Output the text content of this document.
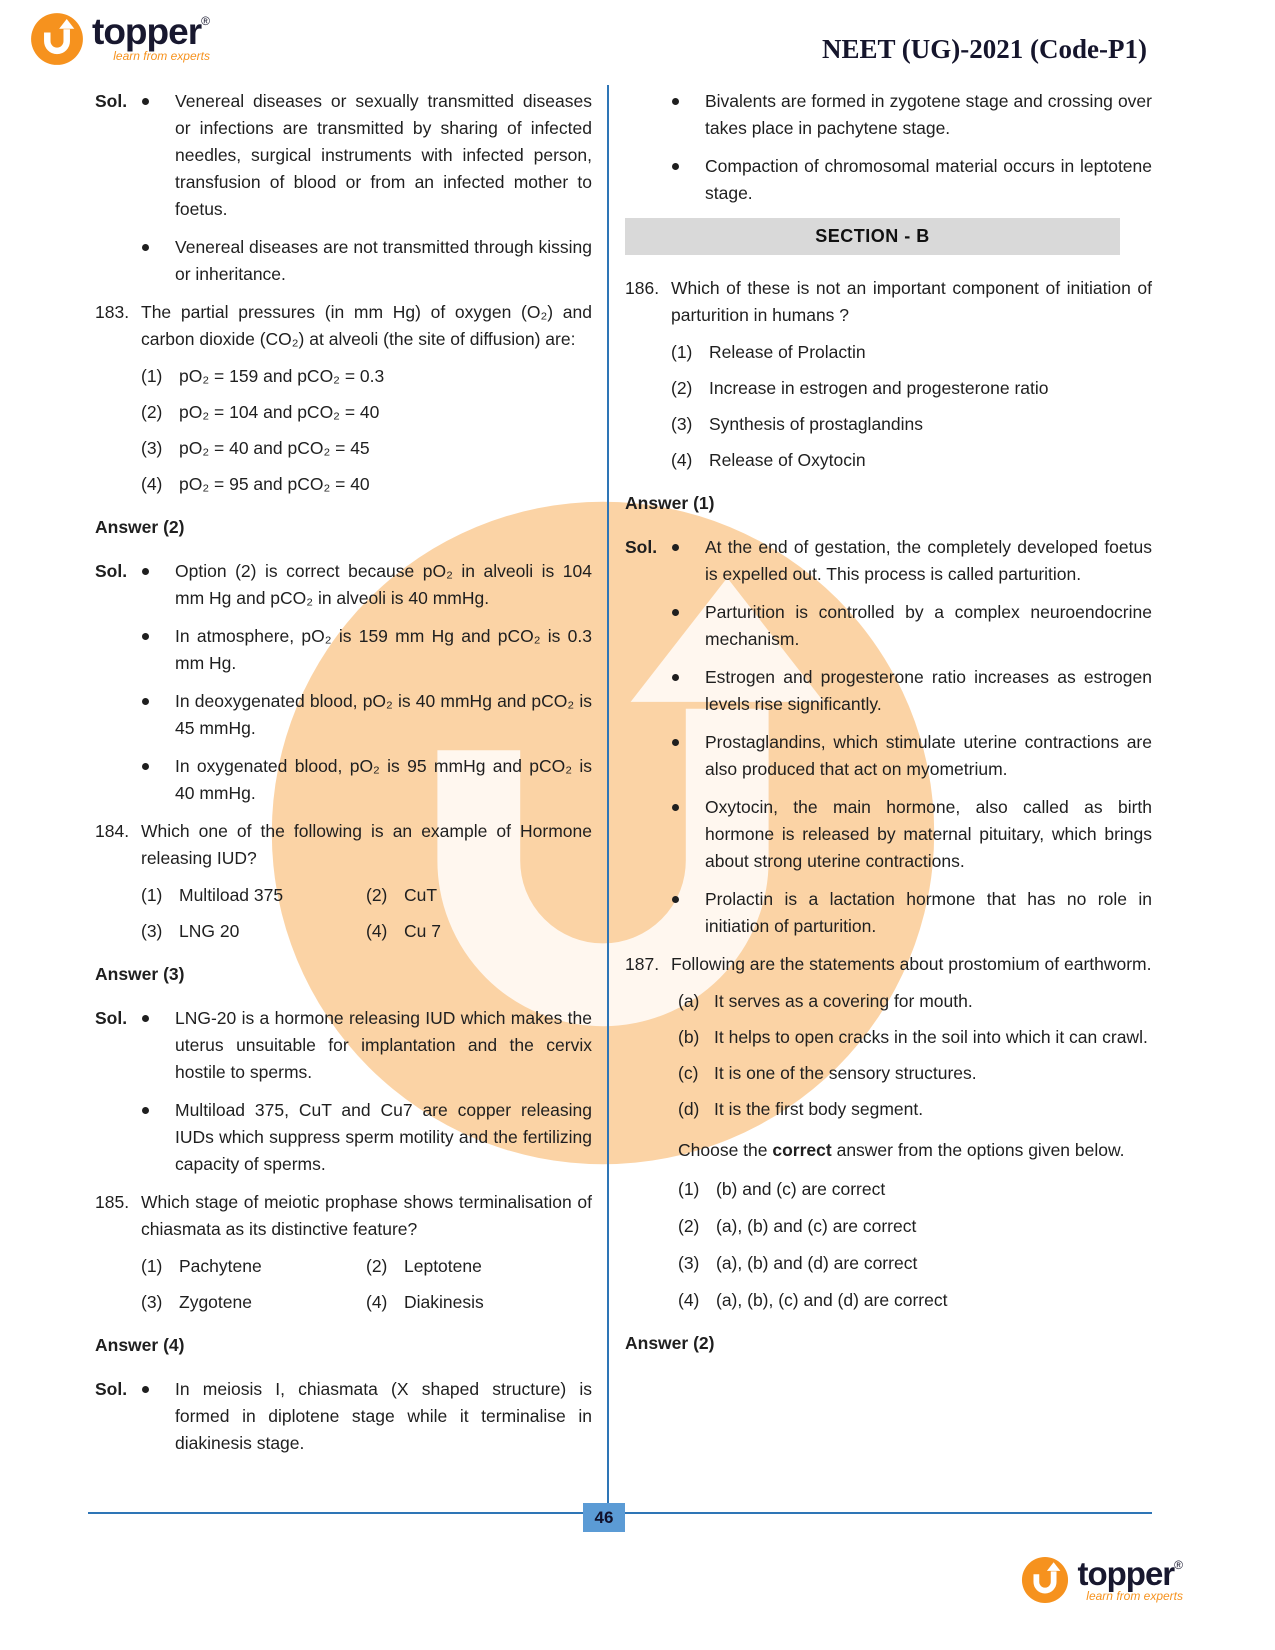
topper ®
learn from experts	NEET (UG)-2021 (Code-P1)
Sol.	Venereal diseases or sexually transmitted diseases or infections are transmitted by sharing of infected needles, surgical instruments with infected person, transfusion of blood or from an infected mother to foetus.

Venereal diseases are not transmitted through kissing or inheritance.

183. The partial pressures (in mm Hg) of oxygen (O₂) and carbon dioxide (CO₂) at alveoli (the site of diffusion) are:

(1) pO₂ = 159 and pCO₂ = 0.3
(2) pO₂ = 104 and pCO₂ = 40
(3) pO₂ = 40 and pCO₂ = 45
(4) pO₂ = 95 and pCO₂ = 40

Answer (2)

Sol.	Option (2) is correct because pO₂ in alveoli is 104 mm Hg and pCO₂ in alveoli is 40 mmHg.

In atmosphere, pO₂ is 159 mm Hg and pCO₂ is 0.3 mm Hg.

In deoxygenated blood, pO₂ is 40 mmHg and pCO₂ is 45 mmHg.

In oxygenated blood, pO₂ is 95 mmHg and pCO₂ is 40 mmHg.

184. Which one of the following is an example of Hormone releasing IUD?

(1) Multiload 375	(2) CuT
(3) LNG 20	(4) Cu 7

Answer (3)

Sol.	LNG-20 is a hormone releasing IUD which makes the uterus unsuitable for implantation and the cervix hostile to sperms.

Multiload 375, CuT and Cu7 are copper releasing IUDs which suppress sperm motility and the fertilizing capacity of sperms.

185. Which stage of meiotic prophase shows terminalisation of chiasmata as its distinctive feature?

(1) Pachytene	(2) Leptotene
(3) Zygotene	(4) Diakinesis

Answer (4)

Sol.	In meiosis I, chiasmata (X shaped structure) is formed in diplotene stage while it terminalise in diakinesis stage.

Bivalents are formed in zygotene stage and crossing over takes place in pachytene stage.

Compaction of chromosomal material occurs in leptotene stage.

SECTION - B
186. Which of these is not an important component of initiation of parturition in humans ?

(1) Release of Prolactin
(2) Increase in estrogen and progesterone ratio
(3) Synthesis of prostaglandins
(4) Release of Oxytocin

Answer (1)

Sol.	At the end of gestation, the completely developed foetus is expelled out. This process is called parturition.

Parturition is controlled by a complex neuroendocrine mechanism.

Estrogen and progesterone ratio increases as estrogen levels rise significantly.

Prostaglandins, which stimulate uterine contractions are also produced that act on myometrium.

Oxytocin, the main hormone, also called as birth hormone is released by maternal pituitary, which brings about strong uterine contractions.

Prolactin is a lactation hormone that has no role in initiation of parturition.

187. Following are the statements about prostomium of earthworm.

(a) It serves as a covering for mouth.

(b) It helps to open cracks in the soil into which it can crawl.

(c) It is one of the sensory structures.

(d) It is the first body segment.

Choose the correct answer from the options given below.

(1) (b) and (c) are correct
(2) (a), (b) and (c) are correct
(3) (a), (b) and (d) are correct
(4) (a), (b), (c) and (d) are correct

Answer (2)

46
topper ®
learn from experts
